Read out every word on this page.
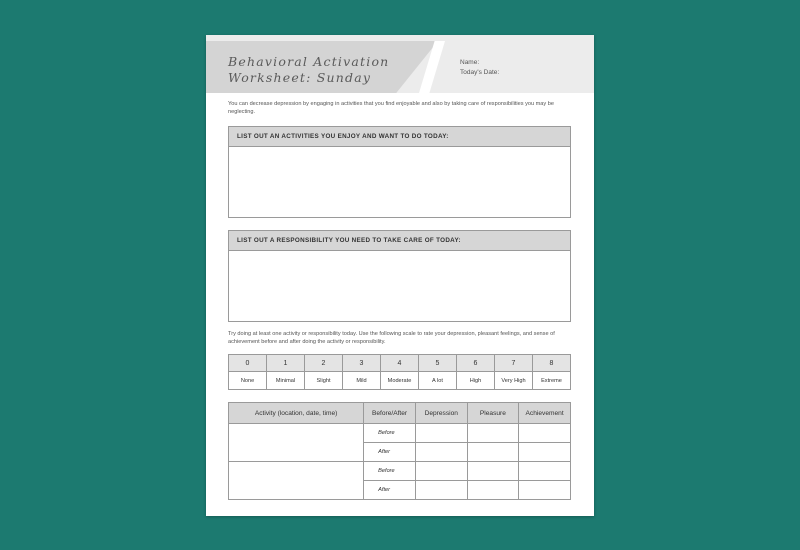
Behavioral Activation
Worksheet: Sunday
Name:
Today's Date:
You can decrease depression by engaging in activities that you find enjoyable and also by taking care of responsibilities you may be neglecting.
LIST OUT AN ACTIVITIES YOU ENJOY AND WANT TO DO TODAY:
LIST OUT A RESPONSIBILITY YOU NEED TO TAKE CARE OF TODAY:
Try doing at least one activity or responsibility today. Use the following scale to rate your depression, pleasant feelings, and sense of achievement before and after doing the activity or responsibility.
0	1	2	3	4	5	6	7	8
None	Minimal	Slight	Mild	Moderate	A lot	High	Very High	Extreme
Activity (location, date, time)	Before/After	Depression	Pleasure	Achievement
	Before			
	After			
	Before			
	After			
